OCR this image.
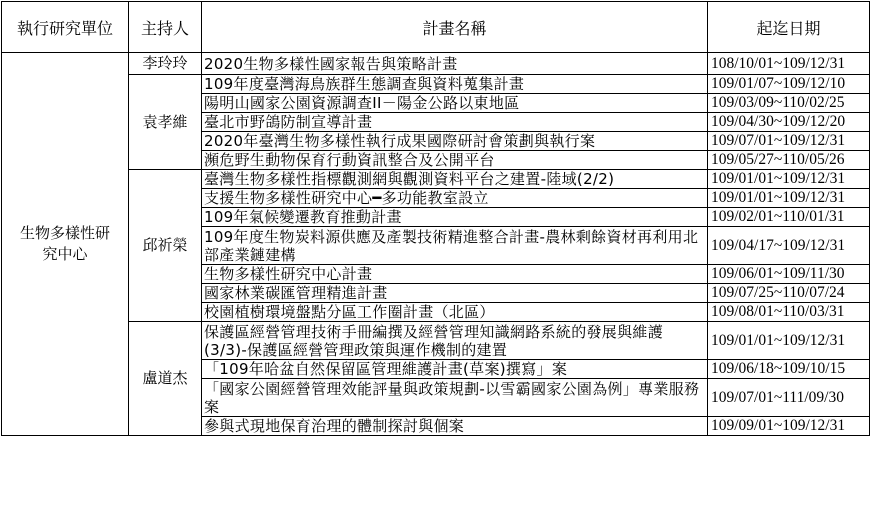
執行研究單位	主持人	計畫名稱	起迄日期
生物多樣性研究中心	李玲玲	2020生物多樣性國家報告與策略計畫	108/10/01~109/12/31
	袁孝維	109年度臺灣海鳥族群生態調查與資料蒐集計畫	109/01/07~109/12/10
		陽明山國家公園資源調查II－陽金公路以東地區	109/03/09~110/02/25
		臺北市野鴿防制宣導計畫	109/04/30~109/12/20
		2020年臺灣生物多樣性執行成果國際研討會策劃與執行案	109/07/01~109/12/31
		瀕危野生動物保育行動資訊整合及公開平台	109/05/27~110/05/26
	邱祈榮	臺灣生物多樣性指標觀測網與觀測資料平台之建置-陸域(2/2)	109/01/01~109/12/31
		支援生物多樣性研究中心━多功能教室設立	109/01/01~109/12/31
		109年氣候變遷教育推動計畫	109/02/01~110/01/31
		109年度生物炭料源供應及產製技術精進整合計畫-農林剩餘資材再利用北部產業鏈建構	109/04/17~109/12/31
		生物多樣性研究中心計畫	109/06/01~109/11/30
		國家林業碳匯管理精進計畫	109/07/25~110/07/24
		校園植樹環境盤點分區工作圈計畫（北區）	109/08/01~110/03/31
	盧道杰	保護區經營管理技術手冊編撰及經營管理知識網路系統的發展與維護(3/3)-保護區經營管理政策與運作機制的建置	109/01/01~109/12/31
		「109年哈盆自然保留區管理維護計畫(草案)撰寫」案	109/06/18~109/10/15
		「國家公園經營管理效能評量與政策規劃-以雪霸國家公園為例」專業服務案	109/07/01~111/09/30
		參與式現地保育治理的體制探討與個案	109/09/01~109/12/31
